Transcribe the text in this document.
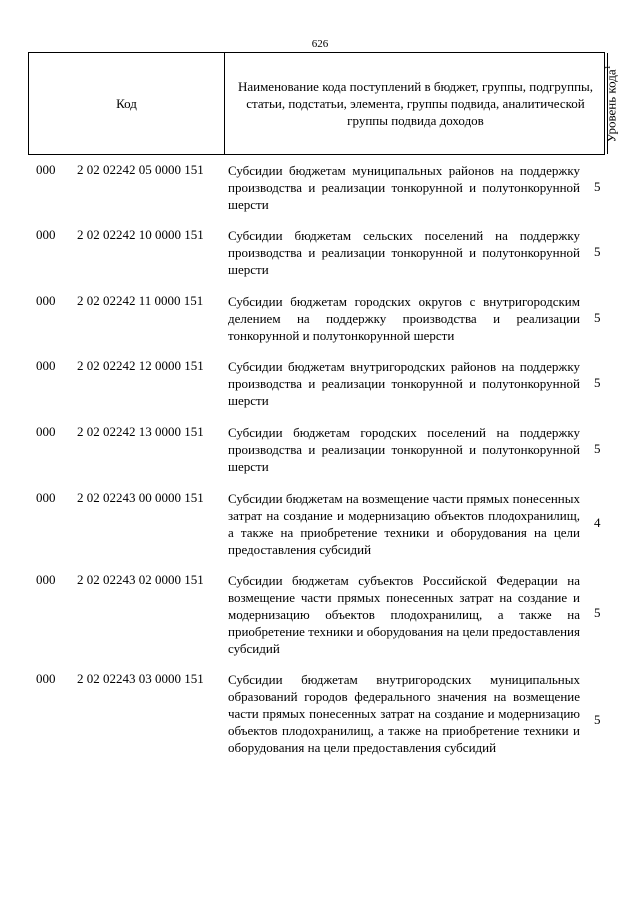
626
Код
Наименование кода поступлений в бюджет, группы, подгруппы, статьи, подстатьи, элемента, группы подвида, аналитической группы подвида доходов	Уровень кода$^1$
000 2 02 02242 05 0000 151 Субсидии бюджетам муниципальных районов на поддержку производства и реализации тонкорунной и полутонкорунной шерсти
5
000 2 02 02242 10 0000 151 Субсидии бюджетам сельских поселений на поддержку производства и реализации тонкорунной и полутонкорунной шерсти
5
000 2 02 02242 11 0000 151 Субсидии бюджетам городских округов с внутригородским делением на поддержку производства и реализации тонкорунной и полутонкорунной шерсти
5
000 2 02 02242 12 0000 151 Субсидии бюджетам внутригородских районов на поддержку производства и реализации тонкорунной и полутонкорунной шерсти
5
000 2 02 02242 13 0000 151 Субсидии бюджетам городских поселений на поддержку производства и реализации тонкорунной и полутонкорунной шерсти
5
000 2 02 02243 00 0000 151 Субсидии бюджетам на возмещение части прямых понесенных затрат на создание и модернизацию объектов плодохранилищ, а также на приобретение техники и оборудования на цели предоставления субсидий
4
000 2 02 02243 02 0000 151 Субсидии бюджетам субъектов Российской Федерации на возмещение части прямых понесенных затрат на создание и модернизацию объектов плодохранилищ, а также на приобретение техники и оборудования на цели предоставления субсидий
5
000 2 02 02243 03 0000 151 Субсидии бюджетам внутригородских муниципальных образований городов федерального значения на возмещение части прямых понесенных затрат на создание и модернизацию объектов плодохранилищ, а также на приобретение техники и оборудования на цели предоставления субсидий
5
